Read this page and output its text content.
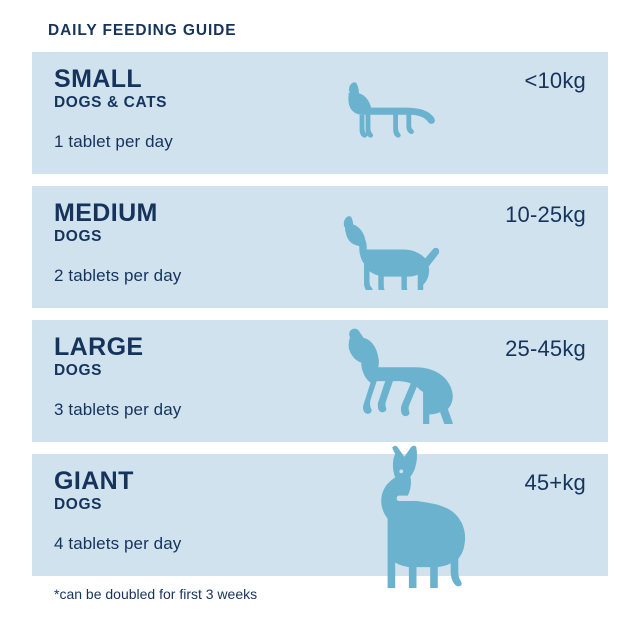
DAILY FEEDING GUIDE
SMALL
DOGS & CATS
1 tablet per day
<10kg
MEDIUM
DOGS
2 tablets per day
10-25kg
LARGE
DOGS
3 tablets per day
25-45kg
GIANT
DOGS
4 tablets per day
45+kg
*can be doubled for first 3 weeks
